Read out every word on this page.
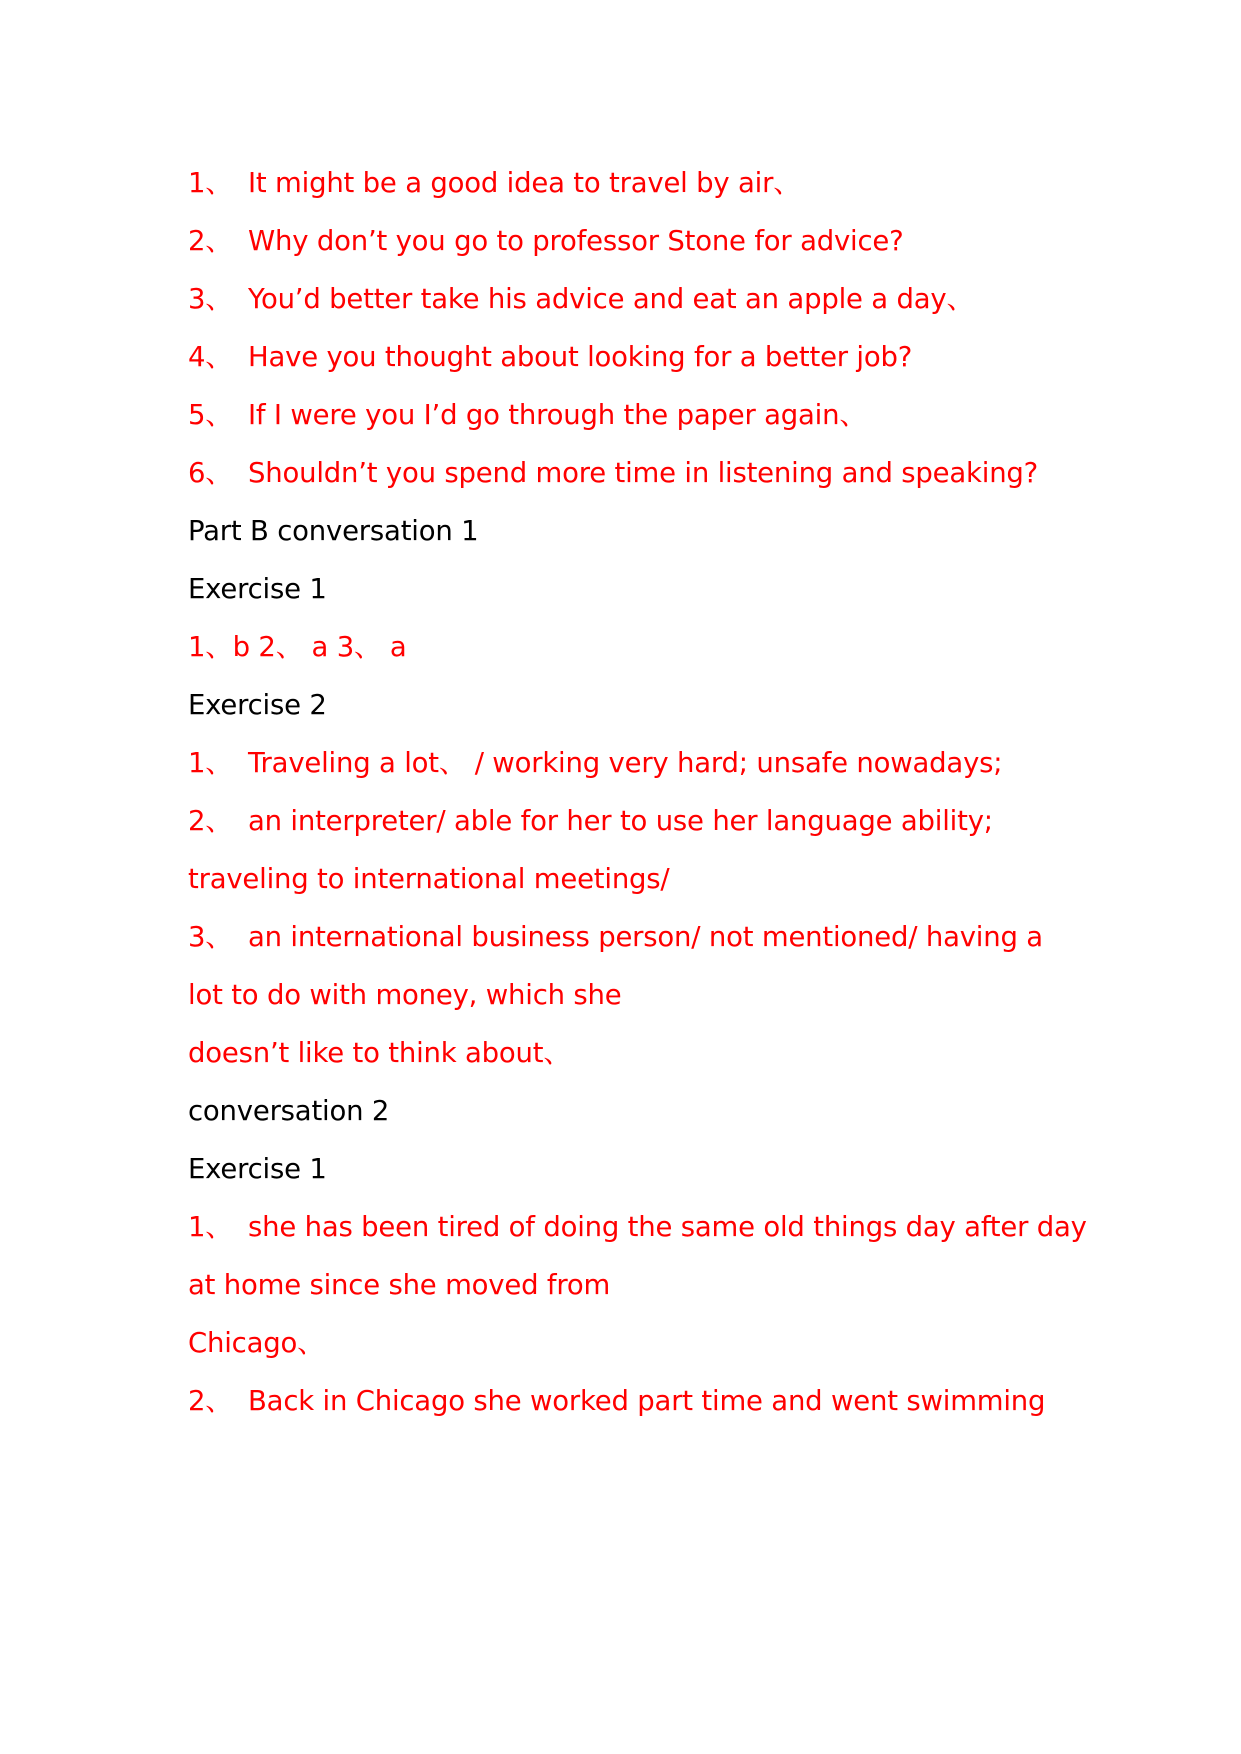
1、 It might be a good idea to travel by air、
2、 Why don’t you go to professor Stone for advice?
3、 You’d better take his advice and eat an apple a day、
4、 Have you thought about looking for a better job?
5、 If I were you I’d go through the paper again、
6、 Shouldn’t you spend more time in listening and speaking?
Part B conversation 1
Exercise 1
1、b 2、 a 3、 a
Exercise 2
1、 Traveling a lot、 / working very hard; unsafe nowadays;
2、 an interpreter/ able for her to use her language ability;
traveling to international meetings/
3、 an international business person/ not mentioned/ having a
lot to do with money, which she
doesn’t like to think about、
conversation 2
Exercise 1
1、 she has been tired of doing the same old things day after day
at home since she moved from
Chicago、
2、 Back in Chicago she worked part time and went swimming
